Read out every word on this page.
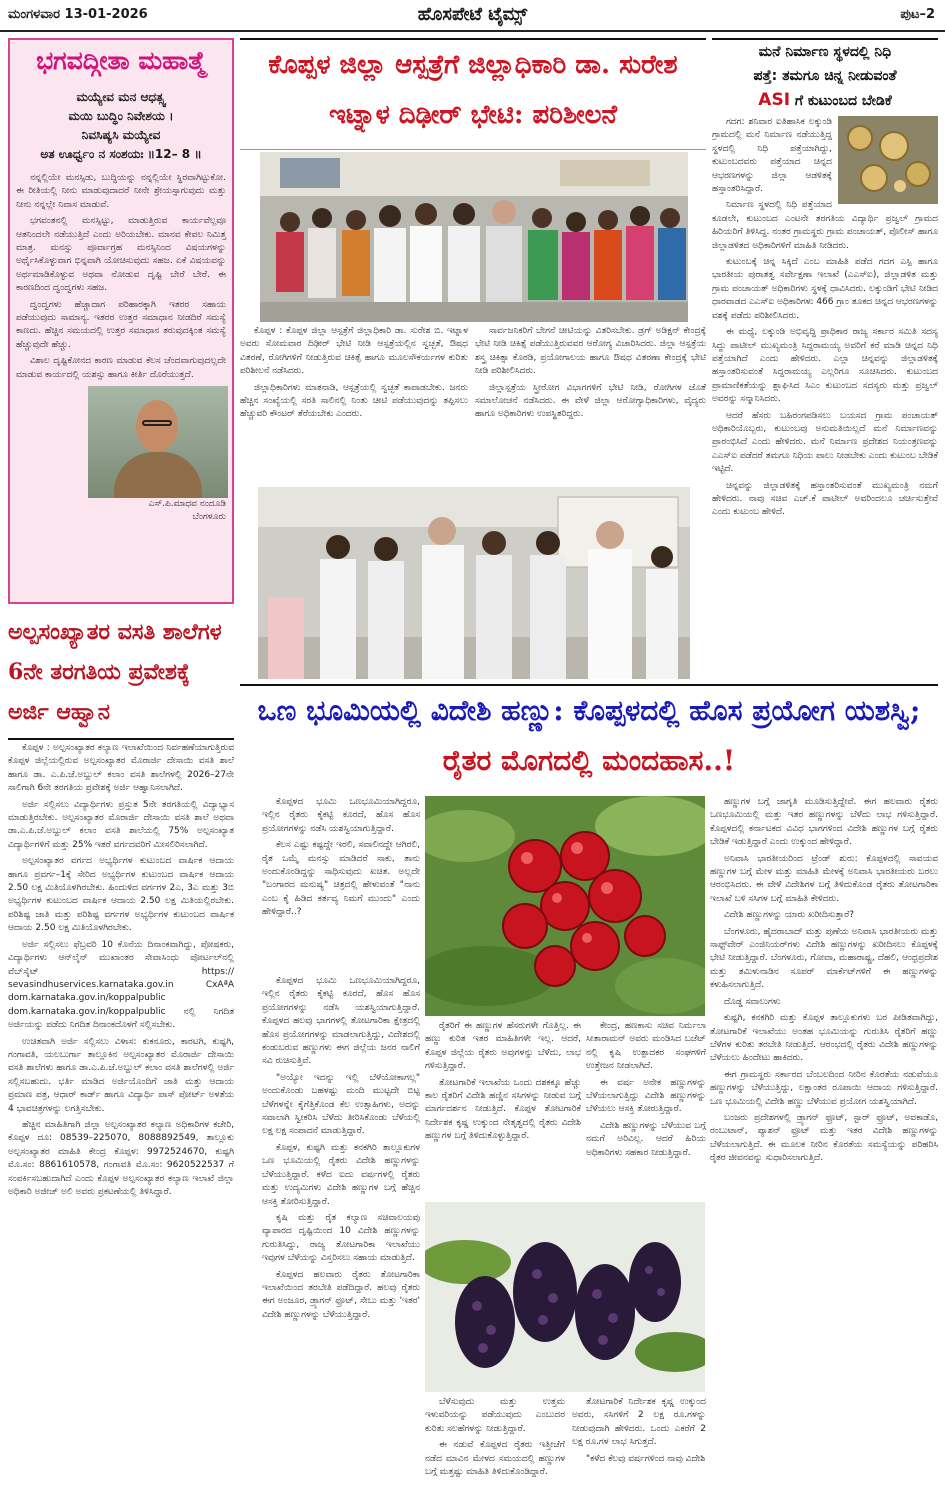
ಮಂಗಳವಾರ 13-01-2026	ಹೊಸಪೇಟೆ ಟೈಮ್ಸ್	ಪುಟ–2
ಭಗವದ್ಗೀತಾ ಮಹಾತ್ಮೆ
ಮಯ್ಯೇವ ಮನ ಆಧತ್ಸ್ವ
ಮಯಿ ಬುದ್ಧಿಂ ನಿವೇಶಯ ।
ನಿವಸಿಷ್ಯಸಿ ಮಯ್ಯೇವ
ಅತ ಊರ್ಧ್ವಂ ನ ಸಂಶಯಃ ॥12– 8 ॥

ನನ್ನಲ್ಲಿಯೇ ಮನಸ್ಸಿಡು, ಬುದ್ಧಿಯನ್ನು ನನ್ನಲ್ಲಿಯೇ ಸ್ಥಿರವಾಗಿಟ್ಟುಕೋ. ಈ ರೀತಿಯಲ್ಲಿ ನೀನು ಮಾಡುವುದಾದರೆ ನೀನೇ ಶ್ರೇಯಸ್ಸಾಗುವುದು ಮತ್ತು ನೀನು ನನ್ನಲ್ಲೇ ನಿವಾಸ ಮಾಡುವೆ.

ಭಗವಂತನಲ್ಲಿ ಮನಸ್ಸಿಟ್ಟು, ಮಾಡುತ್ತಿರುವ ಕಾರ್ಯವೆಲ್ಲವೂ ಆತನಿಂದಲೇ ನಡೆಯುತ್ತಿದೆ ಎಂದು ಅರಿಯಬೇಕು. ಮಾನವ ಕೇವಲ ನಿಮಿತ್ತ ಮಾತ್ರ. ಮನಸ್ಸು ಪೂರ್ವಾಗ್ರಹ ಮನಸ್ಸಿನಿಂದ ವಿಷಯಗಳನ್ನು ಅರ್ಥೈಸಿಕೊಳ್ಳುವಾಗ ಭಿನ್ನವಾಗಿ ಯೋಚಿಸುವುದು ಸಹಜ. ಏಕೆ ವಿಷಯವನ್ನು ಅರ್ಥಮಾಡಿಕೊಳ್ಳುವ ಅಥವಾ ನೋಡುವ ದೃಷ್ಟಿ ಬೇರೆ ಬೇರೆ. ಈ ಕಾರಣದಿಂದ ದ್ವಂದ್ವಗಳು ಸಹಜ.

ದ್ವಂದ್ವಗಳು ಹೆಚ್ಚಾದಾಗ ಪರಿಹಾರಕ್ಕಾಗಿ ಇತರರ ಸಹಾಯ ಪಡೆಯುವುದು ಸಾಮಾನ್ಯ. ಇತರರ ಉತ್ತರ ಸಮಾಧಾನ ನೀಡದಿರೆ ಸಮಸ್ಯೆ ಕಾಣದು. ಹೆಚ್ಚಿನ ಸಮಯದಲ್ಲಿ ಉತ್ತರ ಸಮಾಧಾನ ತರುವುದಕ್ಕಿಂತ ಸಮಸ್ಯೆ ಹೆಚ್ಚುವುದೇ ಹೆಚ್ಚು.

ವಿಶಾಲ ದೃಷ್ಟಿಕೋನದ ಕಾರಣ ಮಾಡುವ ಕೆಲಸ ಚೆಂದವಾಗುವುದಲ್ಲದೇ ಮಾಡುವ ಕಾರ್ಯದಲ್ಲಿ ಯಶಸ್ಸು ಹಾಗೂ ಕೀರ್ತಿ ದೊರೆಯುತ್ತದೆ.

ಎಸ್.ಪಿ.ಮಾಧವ ನಂದೂಡಿ
ಬೆಂಗಳೂರು
ಅಲ್ಪಸಂಖ್ಯಾತರ ವಸತಿ ಶಾಲೆಗಳ 6ನೇ ತರಗತಿಯ ಪ್ರವೇಶಕ್ಕೆ ಅರ್ಜಿ ಆಹ್ವಾನ

ಕೊಪ್ಪಳ : ಅಲ್ಪಸಂಖ್ಯಾತರ ಕಲ್ಯಾಣ ಇಲಾಖೆಯಿಂದ ನಿರ್ವಹಣೆಯಾಗುತ್ತಿರುವ ಕೊಪ್ಪಳ ಜಿಲ್ಲೆಯಲ್ಲಿರುವ ಅಲ್ಪಸಂಖ್ಯಾತರ ಮೊರಾರ್ಜಿ ದೇಸಾಯಿ ವಸತಿ ಶಾಲೆ ಹಾಗೂ ಡಾ. ಎ.ಪಿ.ಜೆ.ಅಬ್ದುಲ್ ಕಲಾಂ ವಸತಿ ಶಾಲೆಗಳಲ್ಲಿ 2026–27ನೇ ಸಾಲಿಗಾಗಿ 6ನೇ ತರಗತಿಯ ಪ್ರವೇಶಕ್ಕೆ ಅರ್ಜಿ ಆಹ್ವಾನಿಸಲಾಗಿದೆ.

ಅರ್ಜಿ ಸಲ್ಲಿಸಲು ವಿದ್ಯಾರ್ಥಿಗಳು ಪ್ರಸ್ತುತ 5ನೇ ತರಗತಿಯಲ್ಲಿ ವಿದ್ಯಾಭ್ಯಾಸ ಮಾಡುತ್ತಿರಬೇಕು. ಅಲ್ಪಸಂಖ್ಯಾತರ ಮೊರಾರ್ಜಿ ದೇಸಾಯಿ ವಸತಿ ಶಾಲೆ ಅಥವಾ ಡಾ.ಎ.ಪಿ.ಜೆ.ಅಬ್ದುಲ್ ಕಲಾಂ ವಸತಿ ಶಾಲೆಯಲ್ಲಿ 75% ಅಲ್ಪಸಂಖ್ಯಾತ ವಿದ್ಯಾರ್ಥಿಗಳಿಗೆ ಮತ್ತು 25% ಇತರೆ ವರ್ಗದವರಿಗೆ ಮೀಸಲಿರಿಸಲಾಗಿದೆ.

ಅಲ್ಪಸಂಖ್ಯಾತರ ವರ್ಗದ ಅಭ್ಯರ್ಥಿಗಳ ಕುಟುಂಬದ ವಾರ್ಷಿಕ ಆದಾಯ ಹಾಗೂ ಪ್ರವರ್ಗ–1ಕ್ಕೆ ಸೇರಿದ ಅಭ್ಯರ್ಥಿಗಳ ಕುಟುಂಬದ ವಾರ್ಷಿಕ ಆದಾಯ 2.50 ಲಕ್ಷ ಮಿತಿಯೊಳಗಿರಬೇಕು. ಹಿಂದುಳಿದ ವರ್ಗಗಳ 2ಎ, 3ಎ ಮತ್ತು 3ಬಿ ಅಭ್ಯರ್ಥಿಗಳ ಕುಟುಂಬದ ವಾರ್ಷಿಕ ಆದಾಯ 2.50 ಲಕ್ಷ ಮಿತಿಯಲ್ಲಿರಬೇಕು. ಪರಿಶಿಷ್ಟ ಜಾತಿ ಮತ್ತು ಪರಿಶಿಷ್ಟ ವರ್ಗಗಳ ಅಭ್ಯರ್ಥಿಗಳ ಕುಟುಂಬದ ವಾರ್ಷಿಕ ಆದಾಯ 2.50 ಲಕ್ಷ ಮಿತಿಯೊಳಗಿರಬೇಕು.

ಅರ್ಜಿ ಸಲ್ಲಿಸಲು ಫೆಬ್ರವರಿ 10 ಕೊನೆಯ ದಿನಾಂಕವಾಗಿದ್ದು, ಪೋಷಕರು, ವಿದ್ಯಾರ್ಥಿಗಳು ಆನ್‌ಲೈನ್ ಮುಖಾಂತರ ಸೇವಾಸಿಂಧು ಪೋರ್ಟಲ್‌ನಲ್ಲಿ ವೆಬ್‌ಸೈಟ್ https:// sevasindhuservices.karnataka.gov.in CxAªA dom.karnataka.gov.in/koppalpublic dom.karnataka.gov.in/koppalpublic ನಲ್ಲಿ ನಿಗದಿತ ಅರ್ಜಿಯನ್ನು ಪಡೆದು ನಿಗದಿತ ದಿನಾಂಕದೊಳಗೆ ಸಲ್ಲಿಸಬೇಕು.

ಉಚಿತವಾಗಿ ಅರ್ಜಿ ಸಲ್ಲಿಸಲು ವಿಳಾಸ: ಕುಕನೂರು, ಕಾರಟಗಿ, ಕುಷ್ಟಗಿ, ಗಂಗಾವತಿ, ಯಲಬುರ್ಗಾ ತಾಲ್ಲೂಕಿನ ಅಲ್ಪಸಂಖ್ಯಾತರ ಮೊರಾರ್ಜಿ ದೇಸಾಯಿ ವಸತಿ ಶಾಲೆಗಳು ಹಾಗೂ ಡಾ.ಎ.ಪಿ.ಜೆ.ಅಬ್ದುಲ್ ಕಲಾಂ ವಸತಿ ಶಾಲೆಗಳಲ್ಲಿ ಅರ್ಜಿ ಸಲ್ಲಿಸಬಹುದು. ಭರ್ತಿ ಮಾಡಿದ ಅರ್ಜಿಯೊಂದಿಗೆ ಜಾತಿ ಮತ್ತು ಆದಾಯ ಪ್ರಮಾಣ ಪತ್ರ, ಆಧಾರ್ ಕಾರ್ಡ್ ಹಾಗೂ ವಿದ್ಯಾರ್ಥಿ ಪಾಸ್ ಪೋರ್ಟ್ ಅಳತೆಯ 4 ಭಾವಚಿತ್ರಗಳನ್ನು ಲಗತ್ತಿಸಬೇಕು.

ಹೆಚ್ಚಿನ ಮಾಹಿತಿಗಾಗಿ ಜಿಲ್ಲಾ ಅಲ್ಪಸಂಖ್ಯಾತರ ಕಲ್ಯಾಣ ಅಧಿಕಾರಿಗಳ ಕಚೇರಿ, ಕೊಪ್ಪಳ ದೂ: 08539–225070, 8088892549, ತಾಲ್ಲೂಕು ಅಲ್ಪಸಂಖ್ಯಾತರ ಮಾಹಿತಿ ಕೇಂದ್ರ ಕೊಪ್ಪಳ: 9972524670, ಕುಷ್ಟಗಿ ಮೊ.ಸಂ: 8861610578, ಗಂಗಾವತಿ ಮೊ.ಸಂ: 9620522537 ಗೆ ಸಂಪರ್ಕಿಸಬಹುದಾಗಿದೆ ಎಂದು ಕೊಪ್ಪಳ ಅಲ್ಪಸಂಖ್ಯಾತರ ಕಲ್ಯಾಣ ಇಲಾಖೆ ಜಿಲ್ಲಾ ಅಧಿಕಾರಿ ಅಜೀಜ್ ಅಲಿ ಅವರು ಪ್ರಕಟಣೆಯಲ್ಲಿ ತಿಳಿಸಿದ್ದಾರೆ.

ಕೊಪ್ಪಳ ಜಿಲ್ಲಾ ಆಸ್ಪತ್ರೆಗೆ ಜಿಲ್ಲಾಧಿಕಾರಿ ಡಾ. ಸುರೇಶ ಇಟ್ನಾಳ ದಿಢೀರ್ ಭೇಟಿ: ಪರಿಶೀಲನೆ

ಕೊಪ್ಪಳ : ಕೊಪ್ಪಳ ಜಿಲ್ಲಾ ಆಸ್ಪತ್ರೆಗೆ ಜಿಲ್ಲಾಧಿಕಾರಿ ಡಾ. ಸುರೇಶ ಬಿ. ಇಟ್ನಾಳ ಅವರು ಸೋಮವಾರ ದಿಢೀರ್ ಭೇಟಿ ನೀಡಿ ಆಸ್ಪತ್ರೆಯಲ್ಲಿನ ಸ್ವಚ್ಛತೆ, ಔಷಧ ವಿತರಣೆ, ರೋಗಿಗಳಿಗೆ ನೀಡುತ್ತಿರುವ ಚಿಕಿತ್ಸೆ ಹಾಗೂ ಮೂಲಸೌಕರ್ಯಗಳ ಕುರಿತು ಪರಿಶೀಲನೆ ನಡೆಸಿದರು.

ಜಿಲ್ಲಾಧಿಕಾರಿಗಳು ಮಾತನಾಡಿ, ಆಸ್ಪತ್ರೆಯಲ್ಲಿ ಸ್ವಚ್ಛತೆ ಕಾಪಾಡಬೇಕು. ಜನರು ಹೆಚ್ಚಿನ ಸಂಖ್ಯೆಯಲ್ಲಿ ಸರತಿ ಸಾಲಿನಲ್ಲಿ ನಿಂತು ಚೀಟಿ ಪಡೆಯುವುದನ್ನು ತಪ್ಪಿಸಲು ಹೆಚ್ಚುವರಿ ಕೌಂಟರ್ ತೆರೆಯಬೇಕು ಎಂದರು.

ಸಾರ್ವಜನಿಕರಿಗೆ ಬೇಗನೆ ಚೀಟಿಯನ್ನು ವಿತರಿಸಬೇಕು. ಡ್ರಗ್ ಅಡಿಕ್ಷನ್ ಕೇಂದ್ರಕ್ಕೆ ಭೇಟಿ ನೀಡಿ ಚಿಕಿತ್ಸೆ ಪಡೆಯುತ್ತಿರುವವರ ಆರೋಗ್ಯ ವಿಚಾರಿಸಿದರು. ಜಿಲ್ಲಾ ಆಸ್ಪತ್ರೆಯ ಶಸ್ತ್ರ ಚಿಕಿತ್ಸಾ ಕೊಠಡಿ, ಪ್ರಯೋಗಾಲಯ ಹಾಗೂ ಔಷಧ ವಿತರಣಾ ಕೇಂದ್ರಕ್ಕೆ ಭೇಟಿ ನೀಡಿ ಪರಿಶೀಲಿಸಿದರು.

ಜಿಲ್ಲಾಸ್ಪತ್ರೆಯ ಸ್ತ್ರೀರೋಗ ವಿಭಾಗಗಳಿಗೆ ಭೇಟಿ ನೀಡಿ, ರೋಗಿಗಳ ಜೊತೆ ಸಮಾಲೋಚನೆ ನಡೆಸಿದರು. ಈ ವೇಳೆ ಜಿಲ್ಲಾ ಆರೋಗ್ಯಾಧಿಕಾರಿಗಳು, ವೈದ್ಯರು ಹಾಗೂ ಅಧಿಕಾರಿಗಳು ಉಪಸ್ಥಿತರಿದ್ದರು.

ಮನೆ ನಿರ್ಮಾಣ ಸ್ಥಳದಲ್ಲಿ ನಿಧಿ
ಪತ್ತೆ: ತಮಗೂ ಚಿನ್ನ ನೀಡುವಂತೆ
ASI ಗೆ ಕುಟುಂಬದ ಬೇಡಿಕೆ

ಗದಗ: ಶನಿವಾರ ಐತಿಹಾಸಿಕ ಲಕ್ಕುಂಡಿ ಗ್ರಾಮದಲ್ಲಿ ಮನೆ ನಿರ್ಮಾಣ ನಡೆಯುತ್ತಿದ್ದ ಸ್ಥಳದಲ್ಲಿ ನಿಧಿ ಪತ್ತೆಯಾಗಿದ್ದು, ಕುಟುಂಬದವರು ಪತ್ತೆಯಾದ ಚಿನ್ನದ ಆಭರಣಗಳನ್ನು ಜಿಲ್ಲಾ ಆಡಳಿತಕ್ಕೆ ಹಸ್ತಾಂತರಿಸಿದ್ದಾರೆ.

ನಿರ್ಮಾಣ ಸ್ಥಳದಲ್ಲಿ ನಿಧಿ ಪತ್ತೆಯಾದ ಕೂಡಲೇ, ಕುಟುಂಬದ ಎಂಟನೇ ತರಗತಿಯ ವಿದ್ಯಾರ್ಥಿ ಪ್ರಜ್ವಲ್ ಗ್ರಾಮದ ಹಿರಿಯರಿಗೆ ತಿಳಿಸಿದ್ದ. ನಂತರ ಗ್ರಾಮಸ್ಥರು ಗ್ರಾಮ ಪಂಚಾಯತ್, ಪೊಲೀಸ್ ಹಾಗೂ ಜಿಲ್ಲಾಡಳಿತದ ಅಧಿಕಾರಿಗಳಿಗೆ ಮಾಹಿತಿ ನೀಡಿದರು.

ಕುಟುಂಬಕ್ಕೆ ಚಿನ್ನ ಸಿಕ್ಕಿದೆ ಎಂಬ ಮಾಹಿತಿ ಪಡೆದ ಗದಗ ಎಸ್ಪಿ ಹಾಗೂ ಭಾರತೀಯ ಪುರಾತತ್ವ ಸರ್ವೇಕ್ಷಣಾ ಇಲಾಖೆ (ಎಎಸ್‌ಐ), ಜಿಲ್ಲಾಡಳಿತ ಮತ್ತು ಗ್ರಾಮ ಪಂಚಾಯತ್ ಅಧಿಕಾರಿಗಳು ಸ್ಥಳಕ್ಕೆ ಧಾವಿಸಿದರು. ಲಕ್ಕುಂಡಿಗೆ ಭೇಟಿ ನೀಡಿದ ಧಾರವಾಡದ ಎಎಸ್‌ಐ ಅಧಿಕಾರಿಗಳು 466 ಗ್ರಾಂ ತೂಕದ ಚಿನ್ನದ ಆಭರಣಗಳನ್ನು ವಶಕ್ಕೆ ಪಡೆದು ಪರಿಶೀಲಿಸಿದರು.

ಈ ಮಧ್ಯೆ, ಲಕ್ಕುಂಡಿ ಅಭಿವೃದ್ಧಿ ಪ್ರಾಧಿಕಾರ ರಾಜ್ಯ ಸರ್ಕಾರ ಸಮಿತಿ ಸದಸ್ಯ ಸಿದ್ಧು ಪಾಟೀಲ್ ಮುಖ್ಯಮಂತ್ರಿ ಸಿದ್ದರಾಮಯ್ಯ ಅವರಿಗೆ ಕರೆ ಮಾಡಿ ಚಿನ್ನದ ನಿಧಿ ಪತ್ತೆಯಾಗಿದೆ ಎಂದು ಹೇಳಿದರು. ಎಲ್ಲಾ ಚಿನ್ನವನ್ನು ಜಿಲ್ಲಾಡಳಿತಕ್ಕೆ ಹಸ್ತಾಂತರಿಸುವಂತೆ ಸಿದ್ದರಾಮಯ್ಯ ಎಲ್ಲರಿಗೂ ಸೂಚಿಸಿದರು. ಕುಟುಂಬದ ಪ್ರಾಮಾಣಿಕತೆಯನ್ನು ಶ್ಲಾಘಿಸಿದ ಸಿಎಂ ಕುಟುಂಬದ ಸದಸ್ಯರು ಮತ್ತು ಪ್ರಜ್ವಲ್ ಅವರನ್ನು ಸನ್ಮಾನಿಸಿದರು.

ಆದರೆ ಹೆಸರು ಬಹಿರಂಗಪಡಿಸಲು ಬಯಸದ ಗ್ರಾಮ ಪಂಚಾಯತ್ ಅಧಿಕಾರಿಯೊಬ್ಬರು, ಕುಟುಂಬವು ಅನುಮತಿಯಿಲ್ಲದೆ ಮನೆ ನಿರ್ಮಾಣವನ್ನು ಪ್ರಾರಂಭಿಸಿದೆ ಎಂದು ಹೇಳಿದರು. ಮನೆ ನಿರ್ಮಾಣ ಪ್ರದೇಶದ ನಿಯಂತ್ರಣವನ್ನು ಎಎಸ್‌ಐ ಪಡೆದರೆ ತಮಗೂ ನಿಧಿಯ ಪಾಲು ನೀಡಬೇಕು ಎಂದು ಕುಟುಂಬ ಬೇಡಿಕೆ ಇಟ್ಟಿದೆ.

ಚಿನ್ನವನ್ನು ಜಿಲ್ಲಾಡಳಿತಕ್ಕೆ ಹಸ್ತಾಂತರಿಸುವಂತೆ ಮುಖ್ಯಮಂತ್ರಿ ನಮಗೆ ಹೇಳಿದರು. ನಾವು ಸಚಿವ ಎಚ್.ಕೆ ಪಾಟೀಲ್ ಅವರಿಂದಲೂ ಚರ್ಚಿಸುತ್ತೇವೆ ಎಂದು ಕುಟುಂಬ ಹೇಳಿದೆ.

ಒಣ ಭೂಮಿಯಲ್ಲಿ ವಿದೇಶಿ ಹಣ್ಣು: ಕೊಪ್ಪಳದಲ್ಲಿ ಹೊಸ ಪ್ರಯೋಗ ಯಶಸ್ವಿ; ರೈತರ ಮೊಗದಲ್ಲಿ ಮಂದಹಾಸ..!

ಕೊಪ್ಪಳದ ಭೂಮಿ ಒಣಭೂಮಿಯಾಗಿದ್ದರೂ, ಇಲ್ಲಿನ ರೈತರು ಕೈಕಟ್ಟಿ ಕೂರದೆ, ಹೊಸ ಹೊಸ ಪ್ರಯೋಗಗಳನ್ನು ನಡೆಸಿ ಯಶಸ್ವಿಯಾಗುತ್ತಿದ್ದಾರೆ.

ಕೆಲಸ ಎಷ್ಟು ಕಷ್ಟದ್ದೇ ಇರಲಿ, ಸವಾಲಿನದ್ದೇ ಆಗಿರಲಿ, ರೈತ ಒಮ್ಮೆ ಮನಸ್ಸು ಮಾಡಿದರೆ ಸಾಕು, ತಾನು ಅಂದುಕೊಂಡಿದ್ದನ್ನು ಸಾಧಿಸುವುದು ಖಚಿತ. ಅಲ್ಲದೇ "ಬಂಗಾರದ ಮನುಷ್ಯ" ಚಿತ್ರದಲ್ಲಿ ಹೇಳುವಂತೆ "ನಾನು ಎಂಬ ಕೈ ಹಿಡಿದ ಕರ್ತವ್ಯ ನಿಮಗೆ ಮುಂದು" ಎಂದು ಹೇಳಿದ್ದಾರೆ..?

ಕೊಪ್ಪಳದ ಭೂಮಿ ಒಣಭೂಮಿಯಾಗಿದ್ದರೂ, ಇಲ್ಲಿನ ರೈತರು ಕೈಕಟ್ಟಿ ಕೂರದೆ, ಹೊಸ ಹೊಸ ಪ್ರಯೋಗಗಳನ್ನು ನಡೆಸಿ ಯಶಸ್ವಿಯಾಗುತ್ತಿದ್ದಾರೆ. ಕೊಪ್ಪಳದ ಹಲವು ಭಾಗಗಳಲ್ಲಿ ತೋಟಗಾರಿಕಾ ಕ್ಷೇತ್ರದಲ್ಲಿ ಹೊಸ ಪ್ರಯೋಗಗಳನ್ನು ಮಾಡಲಾಗುತ್ತಿದ್ದು, ವಿದೇಶದಲ್ಲಿ ಕಂಡುಬರುವ ಹಣ್ಣುಗಳು ಈಗ ಜಿಲ್ಲೆಯ ಜನರ ನಾಲಿಗೆ ಸವಿ ರುಚಿಸುತ್ತಿವೆ.

"ಅಯ್ಯೋ ಇದನ್ನು ಇಲ್ಲಿ ಬೆಳೆಯೋಕಾಗಲ್ಲ" ಅಂದುಕೊಂಡು ಬಹಳಷ್ಟು ಮಂದಿ ಮುಟ್ಟದೇ ಬಿಟ್ಟ ಬೆಳೆಗಳನ್ನೇ ಕೈಗೆತ್ತಿಕೊಂಡ ಕೆಲ ಉತ್ಸಾಹಿಗಳು, ಅದನ್ನು ಸವಾಲಾಗಿ ಸ್ವೀಕರಿಸಿ ಬೆಳೆದು ತೀರಿಸಿಕೊಂಡು ಬೆಳೆಯಲ್ಲಿ ಲಕ್ಷ ಲಕ್ಷ ಸಂಪಾದನೆ ಮಾಡುತ್ತಿದ್ದಾರೆ.

ಕೊಪ್ಪಳ, ಕುಷ್ಟಗಿ ಮತ್ತು ಕನಕಗಿರಿ ತಾಲ್ಲೂಕುಗಳ ಒಣ ಭೂಮಿಯಲ್ಲಿ ರೈತರು ವಿದೇಶಿ ಹಣ್ಣುಗಳನ್ನು ಬೆಳೆಯುತ್ತಿದ್ದಾರೆ. ಕಳೆದ ಐದು ವರ್ಷಗಳಲ್ಲಿ ರೈತರು ಮತ್ತು ಉದ್ಯಮಿಗಳು ವಿದೇಶಿ ಹಣ್ಣುಗಳ ಬಗ್ಗೆ ಹೆಚ್ಚಿನ ಆಸಕ್ತಿ ತೋರಿಸುತ್ತಿದ್ದಾರೆ.

ಕೃಷಿ ಮತ್ತು ರೈತ ಕಲ್ಯಾಣ ಸಚಿವಾಲಯವು ವ್ಯಾಪಾರದ ದೃಷ್ಟಿಯಿಂದ 10 ವಿದೇಶಿ ಹಣ್ಣುಗಳನ್ನು ಗುರುತಿಸಿದ್ದು, ರಾಜ್ಯ ತೋಟಗಾರಿಕಾ ಇಲಾಖೆಯು ಇವುಗಳ ಬೆಳೆಯನ್ನು ವಿಸ್ತರಿಸಲು ಸಹಾಯ ಮಾಡುತ್ತಿದೆ.

ಕೊಪ್ಪಳದ ಹಲವಾರು ರೈತರು ತೋಟಗಾರಿಕಾ ಇಲಾಖೆಯಿಂದ ತರಬೇತಿ ಪಡೆದಿದ್ದಾರೆ. ಹಲವು ರೈತರು ಈಗ ಅಂಜೂರ, ಡ್ರ್ಯಾಗನ್ ಫ್ರೂಟ್, ಸೇಬು ಮತ್ತು 'ಇತರ' ವಿದೇಶಿ ಹಣ್ಣುಗಳನ್ನು ಬೆಳೆಯುತ್ತಿದ್ದಾರೆ.

ರೈತರಿಗೆ ಈ ಹಣ್ಣುಗಳ ಹೆಸರುಗಳೇ ಗೊತ್ತಿಲ್ಲ. ಈ ಹಣ್ಣು ಕುರಿತ ಇತರ ಮಾಹಿತಿಗಳೇ ಇಲ್ಲ. ಆದರೆ, ಕೊಪ್ಪಳ ಜಿಲ್ಲೆಯ ರೈತರು ಅವುಗಳನ್ನು ಬೆಳೆದು, ಲಾಭ ಗಳಿಸುತ್ತಿದ್ದಾರೆ.

ತೋಟಗಾರಿಕೆ ಇಲಾಖೆಯ ಒಂದು ದಶಕಕ್ಕೂ ಹೆಚ್ಚು ಕಾಲ ರೈತರಿಗೆ ವಿದೇಶಿ ಹಣ್ಣಿನ ಸಸಿಗಳನ್ನು ನೀಡುವ ಬಗ್ಗೆ ಮಾರ್ಗದರ್ಶನ ನೀಡುತ್ತಿದೆ. ಕೊಪ್ಪಳ ತೋಟಗಾರಿಕೆ ನಿರ್ದೇಶಕ ಕೃಷ್ಣ ಉಕ್ಕುಂದ ನೇತೃತ್ವದಲ್ಲಿ ರೈತರು ವಿದೇಶಿ ಹಣ್ಣುಗಳ ಬಗ್ಗೆ ತಿಳಿದುಕೊಳ್ಳುತ್ತಿದ್ದಾರೆ.

ಕೇಂದ್ರ, ಹಣಕಾಸು ಸಚಿವ ನಿರ್ಮಲಾ ಸೀತಾರಾಮನ್ ಅವರು ಮಂಡಿಸಿದ ಬಜೆಟ್ ನಲ್ಲಿ ಕೃಷಿ ಉತ್ಪಾದಕರ ಸಂಘಗಳಿಗೆ ಉತ್ತೇಜನ ನೀಡಲಾಗಿದೆ.

ಈ ವರ್ಷ ಅನೇಕ ಹಣ್ಣುಗಳನ್ನು ಬೆಳೆಯಲಾಗುತ್ತಿದ್ದು ವಿದೇಶಿ ಹಣ್ಣುಗಳನ್ನು ಬೆಳೆಯಲು ಆಸಕ್ತಿ ತೋರುತ್ತಿದ್ದಾರೆ.

ವಿದೇಶಿ ಹಣ್ಣುಗಳನ್ನು ಬೆಳೆಯುವ ಬಗ್ಗೆ ನಮಗೆ ಅರಿವಿಲ್ಲ. ಆದರೆ ಹಿರಿಯ ಅಧಿಕಾರಿಗಳು ಸಹಕಾರ ನೀಡುತ್ತಿದ್ದಾರೆ.

ಬೆಳೆಸುವುದು ಮತ್ತು ಉತ್ತಮ ಇಳುವರಿಯನ್ನು ಪಡೆಯುವುದು ಎಂಬುದರ ಕುರಿತು ಸಲಹೆಗಳನ್ನು ನೀಡುತ್ತಿದ್ದಾರೆ.

ಈ ನಡುವೆ ಕೊಪ್ಪಳದ ರೈತರು ಇತ್ತೀಚೆಗೆ ನಡೆದ ಮಾವಿನ ಮೇಳದ ಸಮಯದಲ್ಲಿ ಹಣ್ಣುಗಳ ಬಗ್ಗೆ ಮತ್ತಷ್ಟು ಮಾಹಿತಿ ತಿಳಿದುಕೊಂಡಿದ್ದಾರೆ.

ತೋಟಗಾರಿಕೆ ನಿರ್ದೇಶಕ ಕೃಷ್ಣ ಉಕ್ಕುಂದ ಅವರು, ಸಸಿಗಳಿಗೆ 2 ಲಕ್ಷ ರೂ.ಗಳನ್ನು ನೀಡುವುದಾಗಿ ಹೇಳಿದರು. ಒಂದು ಎಕರೆಗೆ 2 ಲಕ್ಷ ರೂ.ಗಳ ಲಾಭ ಸಿಗುತ್ತದೆ.

"ಕಳೆದ ಕೆಲವು ವರ್ಷಗಳಿಂದ ನಾವು ವಿದೇಶಿ

ಹಣ್ಣುಗಳ ಬಗ್ಗೆ ಜಾಗೃತಿ ಮೂಡಿಸುತ್ತಿದ್ದೇವೆ. ಈಗ ಹಲವಾರು ರೈತರು ಒಣಭೂಮಿಯಲ್ಲಿ ಮತ್ತು ಇತರ ಹಣ್ಣುಗಳನ್ನು ಬೆಳೆದು ಲಾಭ ಗಳಿಸುತ್ತಿದ್ದಾರೆ. ಕೊಪ್ಪಳದಲ್ಲಿ ಕರ್ನಾಟಕದ ವಿವಿಧ ಭಾಗಗಳಿಂದ ವಿದೇಶಿ ಹಣ್ಣುಗಳ ಬಗ್ಗೆ ರೈತರು ಬೇಡಿಕೆ ಇಡುತ್ತಿದ್ದಾರೆ ಎಂದು ಉಕ್ಕುಂದ ಹೇಳಿದ್ದಾರೆ.

ಅನಿವಾಸಿ ಭಾರತೀಯರಿಂದ ಟ್ರೆಂಡ್ ಶುರು: ಕೊಪ್ಪಳದಲ್ಲಿ ಸಾವಯವ ಹಣ್ಣುಗಳ ಬಗ್ಗೆ ಮೇಳ ಮತ್ತು ಮಾಹಿತಿ ಮೇಳಕ್ಕೆ ಅನಿವಾಸಿ ಭಾರತೀಯರು ಬರಲು ಆರಂಭಿಸಿದರು. ಈ ವೇಳೆ ವಿದೇಶಿಗಳ ಬಗ್ಗೆ ತಿಳಿದುಕೊಂಡ ರೈತರು ತೋಟಗಾರಿಕಾ ಇಲಾಖೆ ಬಳಿ ಸಸಿಗಳ ಬಗ್ಗೆ ಮಾಹಿತಿ ಕೇಳಿದರು.

ವಿದೇಶಿ ಹಣ್ಣುಗಳನ್ನು ಯಾರು ಖರೀದಿಸುತ್ತಾರೆ?

ಬೆಂಗಳೂರು, ಹೈದರಾಬಾದ್ ಮತ್ತು ಪುಣೆಯ ಅನಿವಾಸಿ ಭಾರತೀಯರು ಮತ್ತು ಸಾಫ್ಟ್‌ವೇರ್ ಎಂಜಿನಿಯರ್‌ಗಳು ವಿದೇಶಿ ಹಣ್ಣುಗಳನ್ನು ಖರೀದಿಸಲು ಕೊಪ್ಪಳಕ್ಕೆ ಭೇಟಿ ನೀಡುತ್ತಿದ್ದಾರೆ. ಬೆಂಗಳೂರು, ಗೋವಾ, ಮಹಾರಾಷ್ಟ್ರ, ದೆಹಲಿ, ಆಂಧ್ರಪ್ರದೇಶ ಮತ್ತು ತಮಿಳುನಾಡಿನ ಸೂಪರ್ ಮಾರ್ಕೆಟ್‌ಗಳಿಗೆ ಈ ಹಣ್ಣುಗಳನ್ನು ಕಳುಹಿಸಲಾಗುತ್ತಿದೆ.

ದೊಡ್ಡ ಸವಾಲುಗಳು

ಕುಷ್ಟಗಿ, ಕನಕಗಿರಿ ಮತ್ತು ಕೊಪ್ಪಳ ತಾಲ್ಲೂಕುಗಳು ಬರ ಪೀಡಿತವಾಗಿದ್ದು, ತೋಟಗಾರಿಕೆ ಇಲಾಖೆಯು ಅಂತಹ ಭೂಮಿಯನ್ನು ಗುರುತಿಸಿ ರೈತರಿಗೆ ಹಣ್ಣು ಬೆಳೆಗಳ ಕುರಿತು ತರಬೇತಿ ನೀಡುತ್ತಿದೆ. ಆರಂಭದಲ್ಲಿ ರೈತರು ವಿದೇಶಿ ಹಣ್ಣುಗಳನ್ನು ಬೆಳೆಯಲು ಹಿಂದೇಟು ಹಾಕಿದರು.

ಈಗ ಗ್ರಾಮಸ್ಥರು ಸರ್ಕಾರದ ಬೆಂಬಲದಿಂದ ನೀರಿನ ಕೊರತೆಯ ನಡುವೆಯೂ ಹಣ್ಣುಗಳನ್ನು ಬೆಳೆಯುತ್ತಿದ್ದು, ಲಕ್ಷಾಂತರ ರೂಪಾಯಿ ಆದಾಯ ಗಳಿಸುತ್ತಿದ್ದಾರೆ. ಒಣ ಭೂಮಿಯಲ್ಲಿ ವಿದೇಶಿ ಹಣ್ಣು ಬೆಳೆಯುವ ಪ್ರಯೋಗ ಯಶಸ್ವಿಯಾಗಿದೆ.

ಬಂಜರು ಪ್ರದೇಶಗಳಲ್ಲಿ ಡ್ರ್ಯಾಗನ್ ಫ್ರೂಟ್, ಸ್ಟಾರ್ ಫ್ರೂಟ್, ಅವಕಾಡೊ, ರಂಬುಟಾನ್, ಪ್ಯಾಶನ್ ಫ್ರೂಟ್ ಮತ್ತು ಇತರ ವಿದೇಶಿ ಹಣ್ಣುಗಳನ್ನು ಬೆಳೆಯಲಾಗುತ್ತಿದೆ. ಈ ಮೂಲಕ ನೀರಿನ ಕೊರತೆಯ ಸಮಸ್ಯೆಯನ್ನು ಪರಿಹರಿಸಿ ರೈತರ ಜೀವನವನ್ನು ಸುಧಾರಿಸಲಾಗುತ್ತಿದೆ.
